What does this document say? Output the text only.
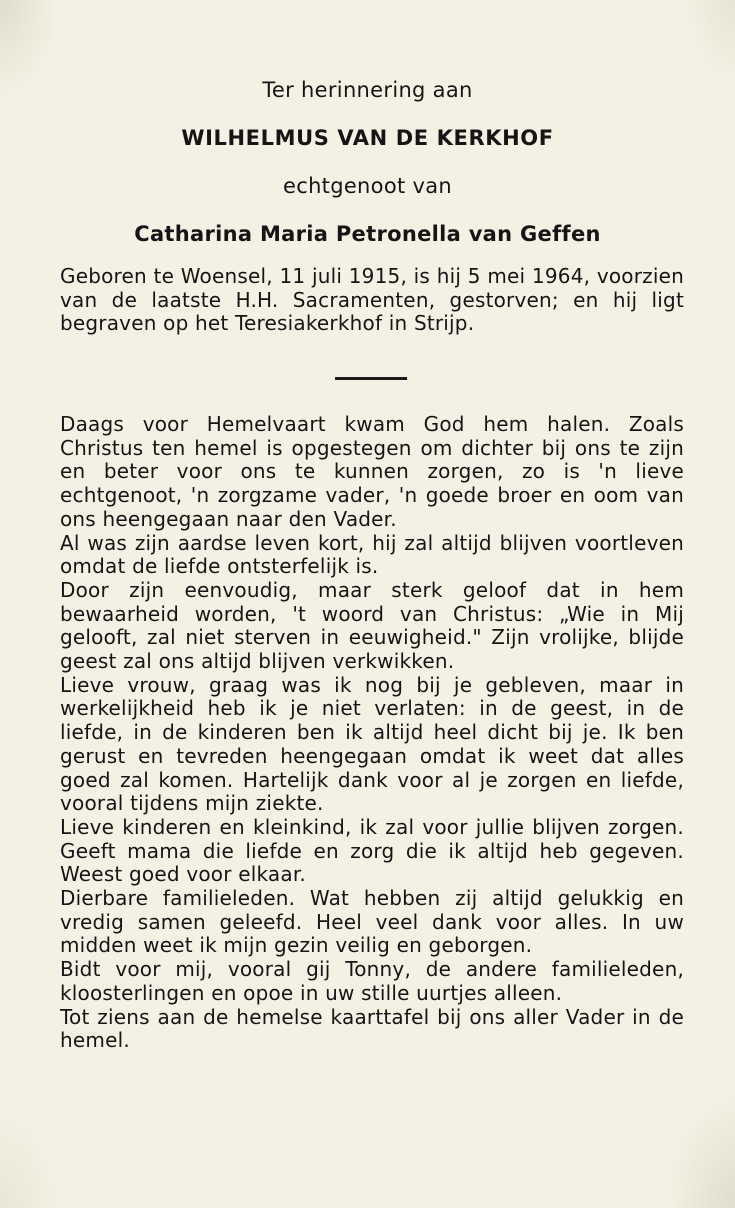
Ter herinnering aan

WILHELMUS VAN DE KERKHOF

echtgenoot van

Catharina Maria Petronella van Geffen

Geboren te Woensel, 11 juli 1915, is hij 5 mei 1964, voorzien van de laatste H.H. Sacramenten, gestorven; en hij ligt begraven op het Teresiakerkhof in Strijp.

Daags voor Hemelvaart kwam God hem halen. Zoals Christus ten hemel is opgestegen om dichter bij ons te zijn en beter voor ons te kunnen zorgen, zo is 'n lieve echtgenoot, 'n zorgzame vader, 'n goede broer en oom van ons heengegaan naar den Vader.

Al was zijn aardse leven kort, hij zal altijd blijven voortleven omdat de liefde ontsterfelijk is.

Door zijn eenvoudig, maar sterk geloof dat in hem bewaarheid worden, 't woord van Christus: „Wie in Mij gelooft, zal niet sterven in eeuwigheid." Zijn vrolijke, blijde geest zal ons altijd blijven verkwikken.

Lieve vrouw, graag was ik nog bij je gebleven, maar in werkelijkheid heb ik je niet verlaten: in de geest, in de liefde, in de kinderen ben ik altijd heel dicht bij je. Ik ben gerust en tevreden heengegaan omdat ik weet dat alles goed zal komen. Hartelijk dank voor al je zorgen en liefde, vooral tijdens mijn ziekte.

Lieve kinderen en kleinkind, ik zal voor jullie blijven zorgen. Geeft mama die liefde en zorg die ik altijd heb gegeven. Weest goed voor elkaar.

Dierbare familieleden. Wat hebben zij altijd gelukkig en vredig samen geleefd. Heel veel dank voor alles. In uw midden weet ik mijn gezin veilig en geborgen.

Bidt voor mij, vooral gij Tonny, de andere familieleden, kloosterlingen en opoe in uw stille uurtjes alleen.

Tot ziens aan de hemelse kaarttafel bij ons aller Vader in de hemel.
